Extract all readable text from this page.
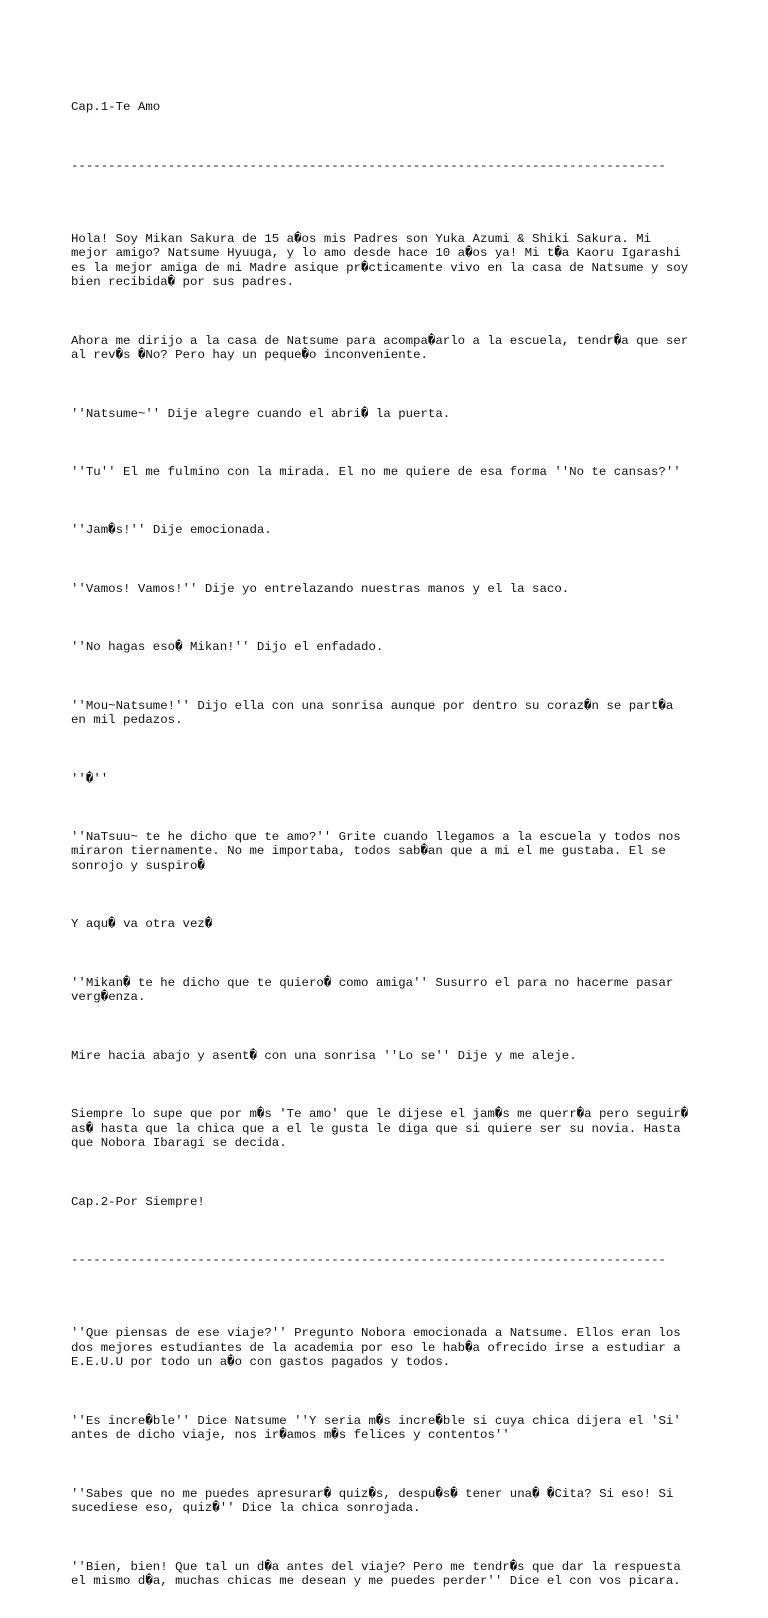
Cap.1-Te Amo

--------------------------------------------------------------------------------

Hola! Soy Mikan Sakura de 15 a�os mis Padres son Yuka Azumi & Shiki Sakura. Mi
mejor amigo? Natsume Hyuuga, y lo amo desde hace 10 a�os ya! Mi t�a Kaoru Igarashi
es la mejor amiga de mi Madre asique pr�cticamente vivo en la casa de Natsume y soy
bien recibida� por sus padres.

Ahora me dirijo a la casa de Natsume para acompa�arlo a la escuela, tendr�a que ser
al rev�s �No? Pero hay un peque�o inconveniente.

''Natsume~'' Dije alegre cuando el abri� la puerta.

''Tu'' El me fulmino con la mirada. El no me quiere de esa forma ''No te cansas?''

''Jam�s!'' Dije emocionada.

''Vamos! Vamos!'' Dije yo entrelazando nuestras manos y el la saco.

''No hagas eso� Mikan!'' Dijo el enfadado.

''Mou~Natsume!'' Dijo ella con una sonrisa aunque por dentro su coraz�n se part�a
en mil pedazos.

''�''

''NaTsuu~ te he dicho que te amo?'' Grite cuando llegamos a la escuela y todos nos
miraron tiernamente. No me importaba, todos sab�an que a mi el me gustaba. El se
sonrojo y suspiro�

Y aqu� va otra vez�

''Mikan� te he dicho que te quiero� como amiga'' Susurro el para no hacerme pasar
verg�enza.

Mire hacia abajo y asent� con una sonrisa ''Lo se'' Dije y me aleje.

Siempre lo supe que por m�s 'Te amo' que le dijese el jam�s me querr�a pero seguir�
as� hasta que la chica que a el le gusta le diga que si quiere ser su novia. Hasta
que Nobora Ibaragi se decida.

Cap.2-Por Siempre!

--------------------------------------------------------------------------------

''Que piensas de ese viaje?'' Pregunto Nobora emocionada a Natsume. Ellos eran los
dos mejores estudiantes de la academia por eso le hab�a ofrecido irse a estudiar a
E.E.U.U por todo un a�o con gastos pagados y todos.

''Es incre�ble'' Dice Natsume ''Y seria m�s incre�ble si cuya chica dijera el 'Si'
antes de dicho viaje, nos ir�amos m�s felices y contentos''

''Sabes que no me puedes apresurar� quiz�s, despu�s� tener una� �Cita? Si eso! Si
sucediese eso, quiz�'' Dice la chica sonrojada.

''Bien, bien! Que tal un d�a antes del viaje? Pero me tendr�s que dar la respuesta
el mismo d�a, muchas chicas me desean y me puedes perder'' Dice el con vos picara.
